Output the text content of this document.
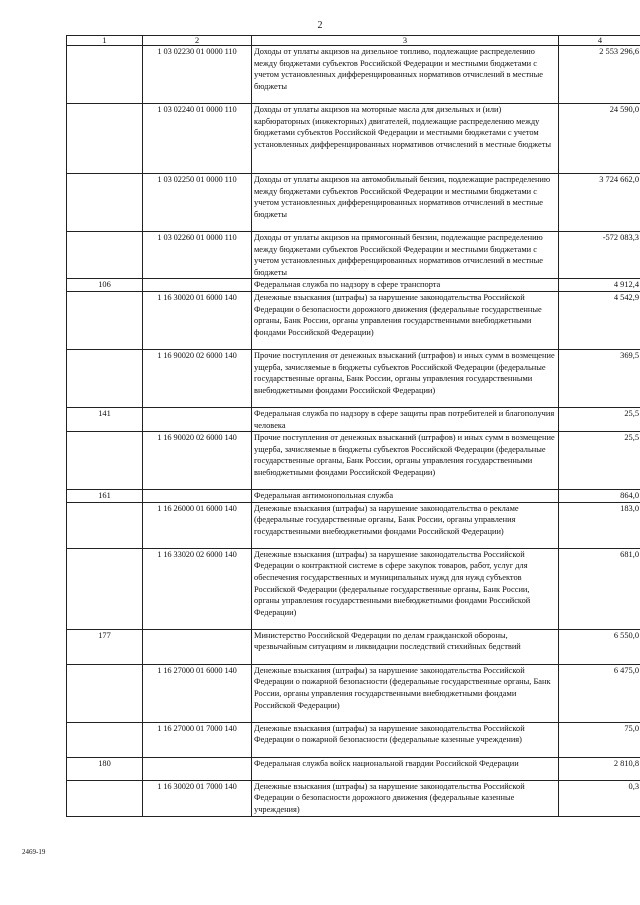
2
1	2	3	4
	1 03 02230 01 0000 110	Доходы от уплаты акцизов на дизельное топливо, подлежащие распределению между бюджетами субъектов Российской Федерации и местными бюджетами с учетом установленных дифференцированных нормативов отчислений в местные бюджеты	2 553 296,6
	1 03 02240 01 0000 110	Доходы от уплаты акцизов на моторные масла для дизельных и (или) карбюраторных (инжекторных) двигателей, подлежащие распределению между бюджетами субъектов Российской Федерации и местными бюджетами с учетом установленных дифференцированных нормативов отчислений в местные бюджеты	24 590,0
	1 03 02250 01 0000 110	Доходы от уплаты акцизов на автомобильный бензин, подлежащие распределению между бюджетами субъектов Российской Федерации и местными бюджетами с учетом установленных дифференцированных нормативов отчислений в местные бюджеты	3 724 662,0
	1 03 02260 01 0000 110	Доходы от уплаты акцизов на прямогонный бензин, подлежащие распределению между бюджетами субъектов Российской Федерации и местными бюджетами с учетом установленных дифференцированных нормативов отчислений в местные бюджеты	-572 083,3
106		Федеральная служба по надзору в сфере транспорта	4 912,4
	1 16 30020 01 6000 140	Денежные взыскания (штрафы) за нарушение законодательства Российской Федерации о безопасности дорожного движения (федеральные государственные органы, Банк России, органы управления государственными внебюджетными фондами Российской Федерации)	4 542,9
	1 16 90020 02 6000 140	Прочие поступления от денежных взысканий (штрафов) и иных сумм в возмещение ущерба, зачисляемые в бюджеты субъектов Российской Федерации (федеральные государственные органы, Банк России, органы управления государственными внебюджетными фондами Российской Федерации)	369,5
141		Федеральная служба по надзору в сфере защиты прав потребителей и благополучия человека	25,5
	1 16 90020 02 6000 140	Прочие поступления от денежных взысканий (штрафов) и иных сумм в возмещение ущерба, зачисляемые в бюджеты субъектов Российской Федерации (федеральные государственные органы, Банк России, органы управления государственными внебюджетными фондами Российской Федерации)	25,5
161		Федеральная антимонопольная служба	864,0
	1 16 26000 01 6000 140	Денежные взыскания (штрафы) за нарушение законодательства о рекламе (федеральные государственные органы, Банк России, органы управления государственными внебюджетными фондами Российской Федерации)	183,0
	1 16 33020 02 6000 140	Денежные взыскания (штрафы) за нарушение законодательства Российской Федерации о контрактной системе в сфере закупок товаров, работ, услуг для обеспечения государственных и муниципальных нужд для нужд субъектов Российской Федерации (федеральные государственные органы, Банк России, органы управления государственными внебюджетными фондами Российской Федерации)	681,0
177		Министерство Российской Федерации по делам гражданской обороны, чрезвычайным ситуациям и ликвидации последствий стихийных бедствий	6 550,0
	1 16 27000 01 6000 140	Денежные взыскания (штрафы) за нарушение законодательства Российской Федерации о пожарной безопасности (федеральные государственные органы, Банк России, органы управления государственными внебюджетными фондами Российской Федерации)	6 475,0
	1 16 27000 01 7000 140	Денежные взыскания (штрафы) за нарушение законодательства Российской Федерации о пожарной безопасности (федеральные казенные учреждения)	75,0
180		Федеральная служба войск национальной гвардии Российской Федерации	2 810,8
	1 16 30020 01 7000 140	Денежные взыскания (штрафы) за нарушение законодательства Российской Федерации о безопасности дорожного движения (федеральные казенные учреждения)	0,3
2469-19
